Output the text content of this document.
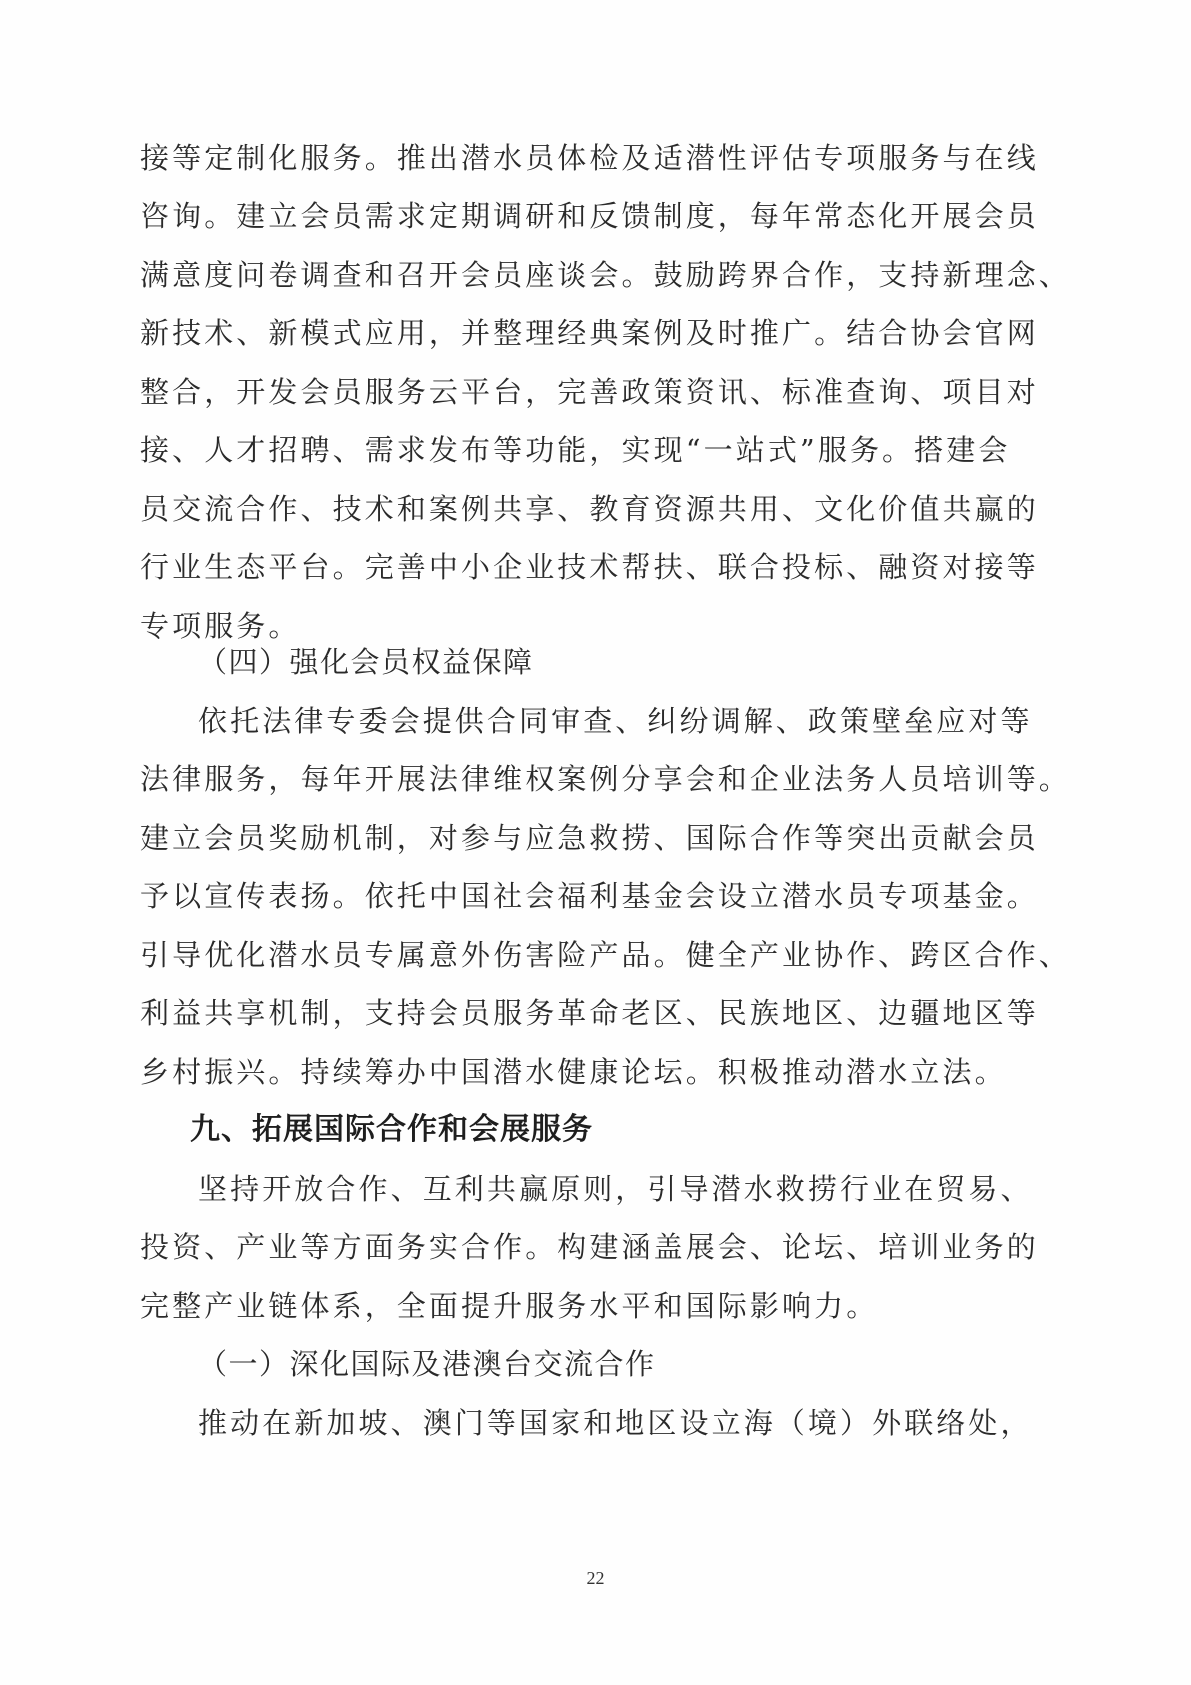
接等定制化服务。推出潜水员体检及适潜性评估专项服务与在线
咨询。建立会员需求定期调研和反馈制度，每年常态化开展会员
满意度问卷调查和召开会员座谈会。鼓励跨界合作，支持新理念、
新技术、新模式应用，并整理经典案例及时推广。结合协会官网
整合，开发会员服务云平台，完善政策资讯、标准查询、项目对
接、人才招聘、需求发布等功能，实现“一站式”服务。搭建会
员交流合作、技术和案例共享、教育资源共用、文化价值共赢的
行业生态平台。完善中小企业技术帮扶、联合投标、融资对接等
专项服务。
（四）强化会员权益保障
依托法律专委会提供合同审查、纠纷调解、政策壁垒应对等
法律服务，每年开展法律维权案例分享会和企业法务人员培训等。
建立会员奖励机制，对参与应急救捞、国际合作等突出贡献会员
予以宣传表扬。依托中国社会福利基金会设立潜水员专项基金。
引导优化潜水员专属意外伤害险产品。健全产业协作、跨区合作、
利益共享机制，支持会员服务革命老区、民族地区、边疆地区等
乡村振兴。持续筹办中国潜水健康论坛。积极推动潜水立法。
九、拓展国际合作和会展服务
坚持开放合作、互利共赢原则，引导潜水救捞行业在贸易、
投资、产业等方面务实合作。构建涵盖展会、论坛、培训业务的
完整产业链体系，全面提升服务水平和国际影响力。
（一）深化国际及港澳台交流合作
推动在新加坡、澳门等国家和地区设立海（境）外联络处，
22
